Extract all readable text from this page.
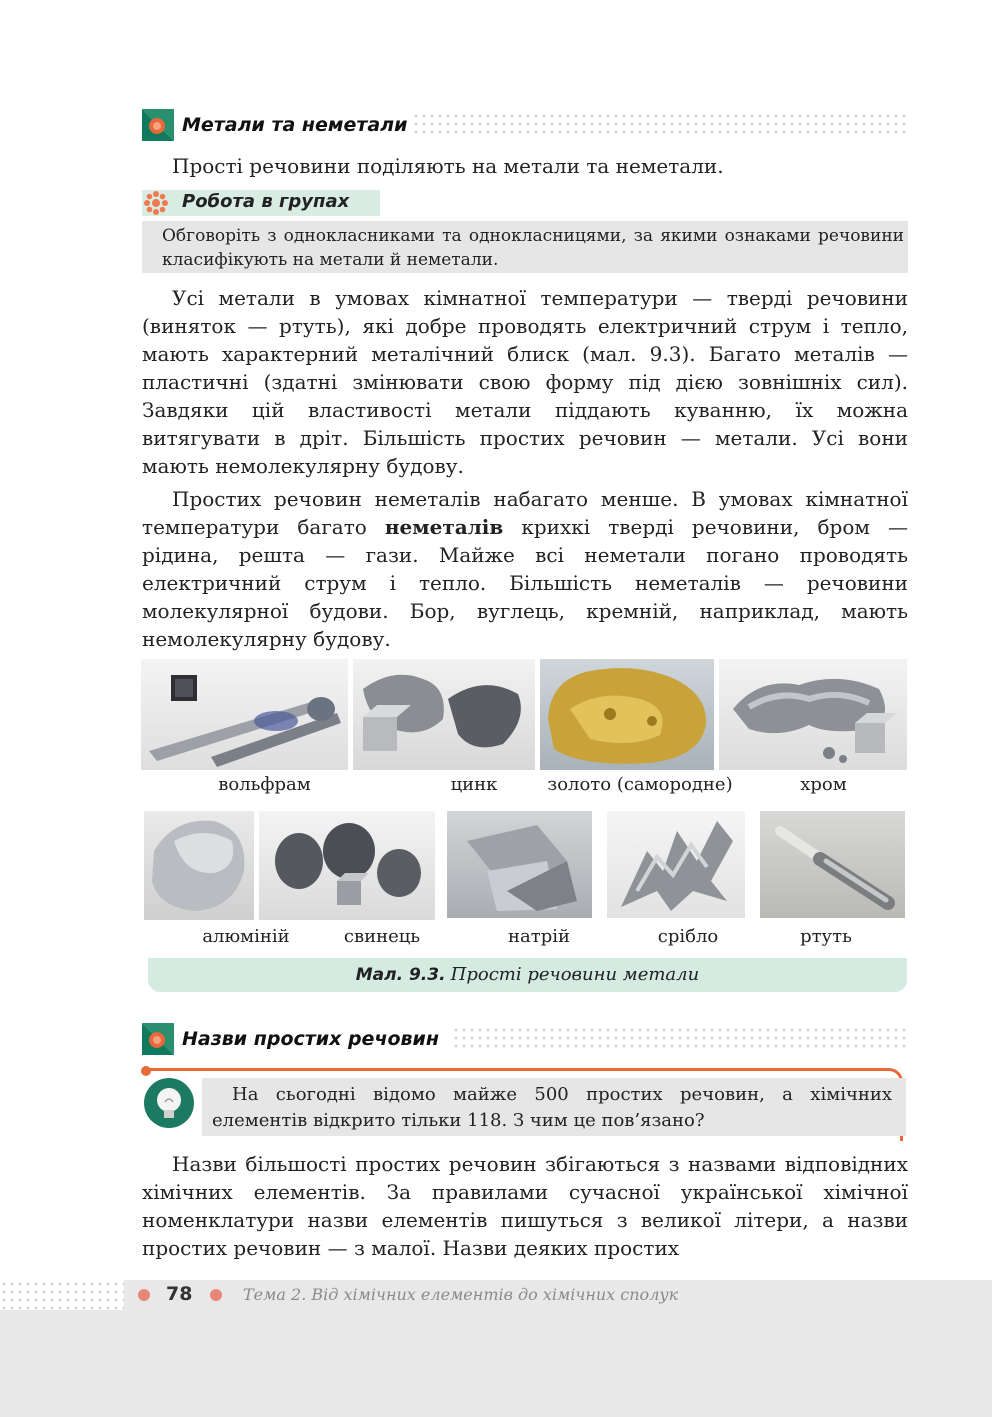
Метали та неметали
Прості речовини поділяють на метали та неметали.
Робота в групах
Обговоріть з однокласниками та однокласницями, за якими ознаками речовини класифікують на метали й неметали.
Усі метали в умовах кімнатної температури — тверді речовини (виняток — ртуть), які добре проводять електричний струм і тепло, мають характерний металічний блиск (мал. 9.3). Багато металів — пластичні (здатні змінювати свою форму під дією зовнішніх сил). Завдяки цій властивості метали піддають куванню, їх можна витягувати в дріт. Більшість простих речовин — метали. Усі вони мають немолекулярну будову.
Простих речовин неметалів набагато менше. В умовах кімнатної температури багато неметалів крихкі тверді речовини, бром — рідина, решта — гази. Майже всі неметали погано проводять електричний струм і тепло. Більшість неметалів — речовини молекулярної будови. Бор, вуглець, кремній, наприклад, мають немолекулярну будову.
вольфрам	цинк	золото (самородне)	хром
алюміній	свинець	натрій	срібло	ртуть
Мал. 9.3. Прості речовини метали
Назви простих речовин
На сьогодні відомо майже 500 простих речовин, а хімічних елементів відкрито тільки 118. З чим це пов’язано?
Назви більшості простих речовин збігаються з назвами відповідних хімічних елементів. За правилами сучасної української хімічної номенклатури назви елементів пишуться з великої літери, а назви простих речовин — з малої. Назви деяких простих
78	Тема 2. Від хімічних елементів до хімічних сполук
